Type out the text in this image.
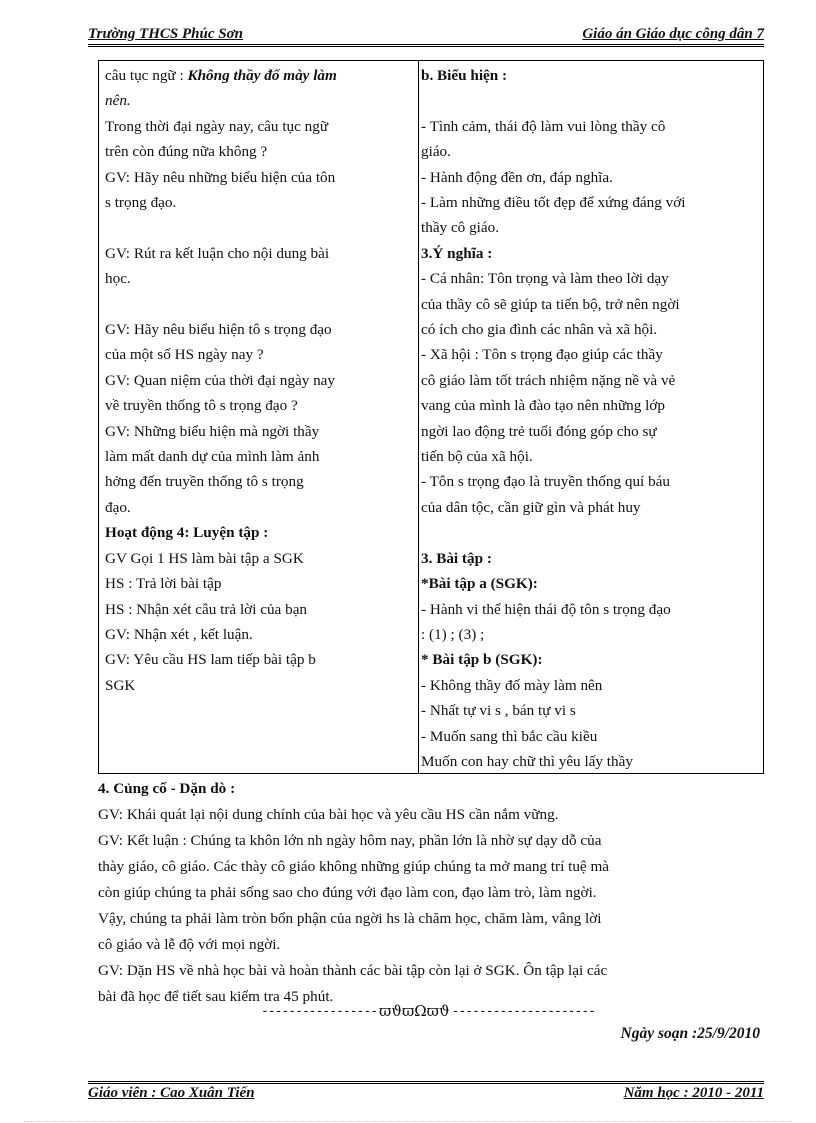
Trường THCS Phúc Sơn	Giáo án Giáo dục công dân 7
câu tục ngữ : Không thầy đố mày làm
nên.
Trong thời đại ngày nay, câu tục ngữ
trên còn đúng nữa không ?
GV: Hãy nêu những biểu hiện của tôn
s trọng đạo.
GV: Rút ra kết luận cho nội dung bài
học.
GV: Hãy nêu biểu hiện tô s trọng đạo
của một số HS ngày nay ?
GV: Quan niệm của thời đại ngày nay
về truyền thống tô s trọng đạo ?
GV: Những biểu hiện mà ngời thầy
làm mất danh dự của mình làm ảnh
hởng đến truyền thống tô s trọng
đạo.
Hoạt động 4: Luyện tập :
GV Gọi 1 HS làm bài tập a SGK
HS : Trả lời bài tập
HS : Nhận xét câu trả lời của bạn
GV: Nhận xét , kết luận.
GV: Yêu cầu HS lam tiếp bài tập b
SGK
b. Biểu hiện :
- Tình cảm, thái độ làm vui lòng thầy cô
giáo.
- Hành động đền ơn, đáp nghĩa.
- Làm những điều tốt đẹp để xứng đáng với
thầy cô giáo.
3.Ý nghĩa :
- Cá nhân: Tôn trọng và làm theo lời dạy
của thầy cô sẽ giúp ta tiến bộ, trở nên ngời
có ích cho gia đình các nhân và xã hội.
- Xã hội : Tôn s trọng đạo giúp các thầy
cô giáo làm tốt trách nhiệm nặng nề và vẻ
vang của mình là đào tạo nên những lớp
ngời lao động trẻ tuổi đóng góp cho sự
tiến bộ của xã hội.
- Tôn s trọng đạo là truyền thống quí báu
của dân tộc, cần giữ gìn và phát huy
3. Bài tập :
*Bài tập a (SGK):
- Hành vi thể hiện thái độ tôn s trọng đạo
: (1) ; (3) ;
* Bài tập b (SGK):
- Không thầy đố mày làm nên
- Nhất tự vi s , bán tự vi s
- Muốn sang thì bắc cầu kiều
Muốn con hay chữ thì yêu lấy thầy
4. Củng cố - Dặn dò :
GV: Khái quát lại nội dung chính của bài học và yêu cầu HS cần nắm vững.
GV: Kết luận : Chúng ta khôn lớn nh ngày hôm nay, phần lớn là nhờ sự dạy dỗ của
thày giáo, cô giáo. Các thày cô giáo không những giúp chúng ta mở mang trí tuệ mà
còn giúp chúng ta phải sống sao cho đúng với đạo làm con, đạo làm trò, làm ngời.
Vậy, chúng ta phải làm tròn bổn phận của ngời hs là chăm học, chăm làm, vâng lời
cô giáo và lễ độ với mọi ngời.
GV: Dặn HS về nhà học bài và hoàn thành các bài tập còn lại ở SGK. Ôn tập lại các
bài đã học để tiết sau kiểm tra 45 phút.
----------------- ϖϑϖΩϖϑ ---------------------
Ngày soạn :25/9/2010
Giáo viên : Cao Xuân Tiến	Năm học : 2010 - 2011
